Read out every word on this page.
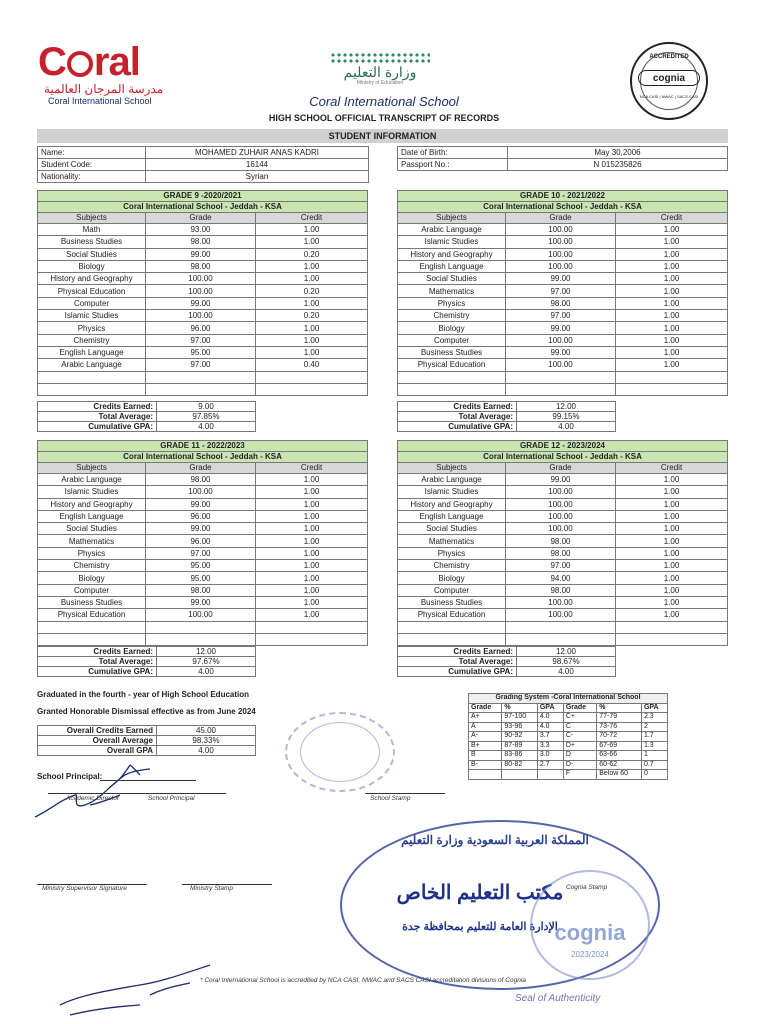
C ral
مدرسة المرجان العالمية
Coral International School
وزارة التعليم
Ministry of Education
ACCREDITED
cognia
NCA CASI | NWAC | SACS CASI
Coral International School
HIGH SCHOOL OFFICIAL TRANSCRIPT OF RECORDS
STUDENT INFORMATION
Name:	MOHAMED ZUHAIR ANAS KADRI
Student Code:	16144
Nationality:	Syrian
Date of Birth:	May 30,2006
Passport No.:	N 015235826
GRADE 9 -2020/2021		
Coral International School - Jeddah - KSA		
Subjects	Grade	Credit
Math	93.00	1.00
Business Studies	98.00	1.00
Social Studies	99.00	0.20
Biology	98.00	1.00
History and Geography	100.00	1.00
Physical Education	100.00	0.20
Computer	99.00	1.00
Islamic Studies	100.00	0.20
Physics	96.00	1.00
Chemistry	97.00	1.00
English Language	95.00	1.00
Arabic Language	97.00	0.40

Credits Earned:	9.00
Total Average:	97.85%
Cumulative GPA:	4.00
GRADE 10 - 2021/2022		
Coral International School - Jeddah - KSA		
Subjects	Grade	Credit
Arabic Language	100.00	1.00
Islamic Studies	100.00	1.00
History and Geography	100.00	1.00
English Language	100.00	1.00
Social Studies	99.00	1.00
Mathematics	97.00	1.00
Physics	98.00	1.00
Chemistry	97.00	1.00
Biology	99.00	1.00
Computer	100.00	1.00
Business Studies	99.00	1.00
Physical Education	100.00	1.00

Credits Earned:	12.00
Total Average:	99.15%
Cumulative GPA:	4.00
GRADE 11 - 2022/2023		
Coral International School - Jeddah - KSA		
Subjects	Grade	Credit
Arabic Language	98.00	1.00
Islamic Studies	100.00	1.00
History and Geography	99.00	1.00
English Language	96.00	1.00
Social Studies	99.00	1.00
Mathematics	96.00	1.00
Physics	97.00	1.00
Chemistry	95.00	1.00
Biology	95.00	1.00
Computer	98.00	1.00
Business Studies	99.00	1.00
Physical Education	100.00	1.00

Credits Earned:	12.00
Total Average:	97.67%
Cumulative GPA:	4.00
GRADE 12 - 2023/2024		
Coral International School - Jeddah - KSA		
Subjects	Grade	Credit
Arabic Language	99.00	1.00
Islamic Studies	100.00	1.00
History and Geography	100.00	1.00
English Language	100.00	1.00
Social Studies	100.00	1.00
Mathematics	98.00	1.00
Physics	98.00	1.00
Chemistry	97.00	1.00
Biology	94.00	1.00
Computer	98.00	1.00
Business Studies	100.00	1.00
Physical Education	100.00	1.00

Credits Earned:	12.00
Total Average:	98.67%
Cumulative GPA:	4.00
Graduated in the fourth - year of High School Education
Granted Honorable Dismissal effective as from June 2024
Overall Credits Earned	45.00
Overall Average	98.33%
Overall GPA	4.00
Grading System -Coral International School					
Grade	%	GPA	Grade	%	GPA
A+	97-100	4.0	C+	77-79	2.3
A	93-96	4.0	C	73-76	2
A-	90-92	3.7	C-	70-72	1.7
B+	87-89	3.3	D+	67-69	1.3
B	83-86	3.0	D	63-66	1
B-	80-82	2.7	D-	60-62	0.7
			F	Below 60	0
School Principal:
Academic Director	School Principal	School Stamp
المملكة العربية السعودية وزارة التعليم
مكتب التعليم الخاص
الإدارة العامة للتعليم بمحافظة جدة
cognia
2023/2024
Ministry Supervisor Signature	Ministry Stamp	Cognia Stamp
* Coral International School is accredited by NCA CASI, NWAC and SACS CASI accreditation divisions of Cognia
Seal of Authenticity
